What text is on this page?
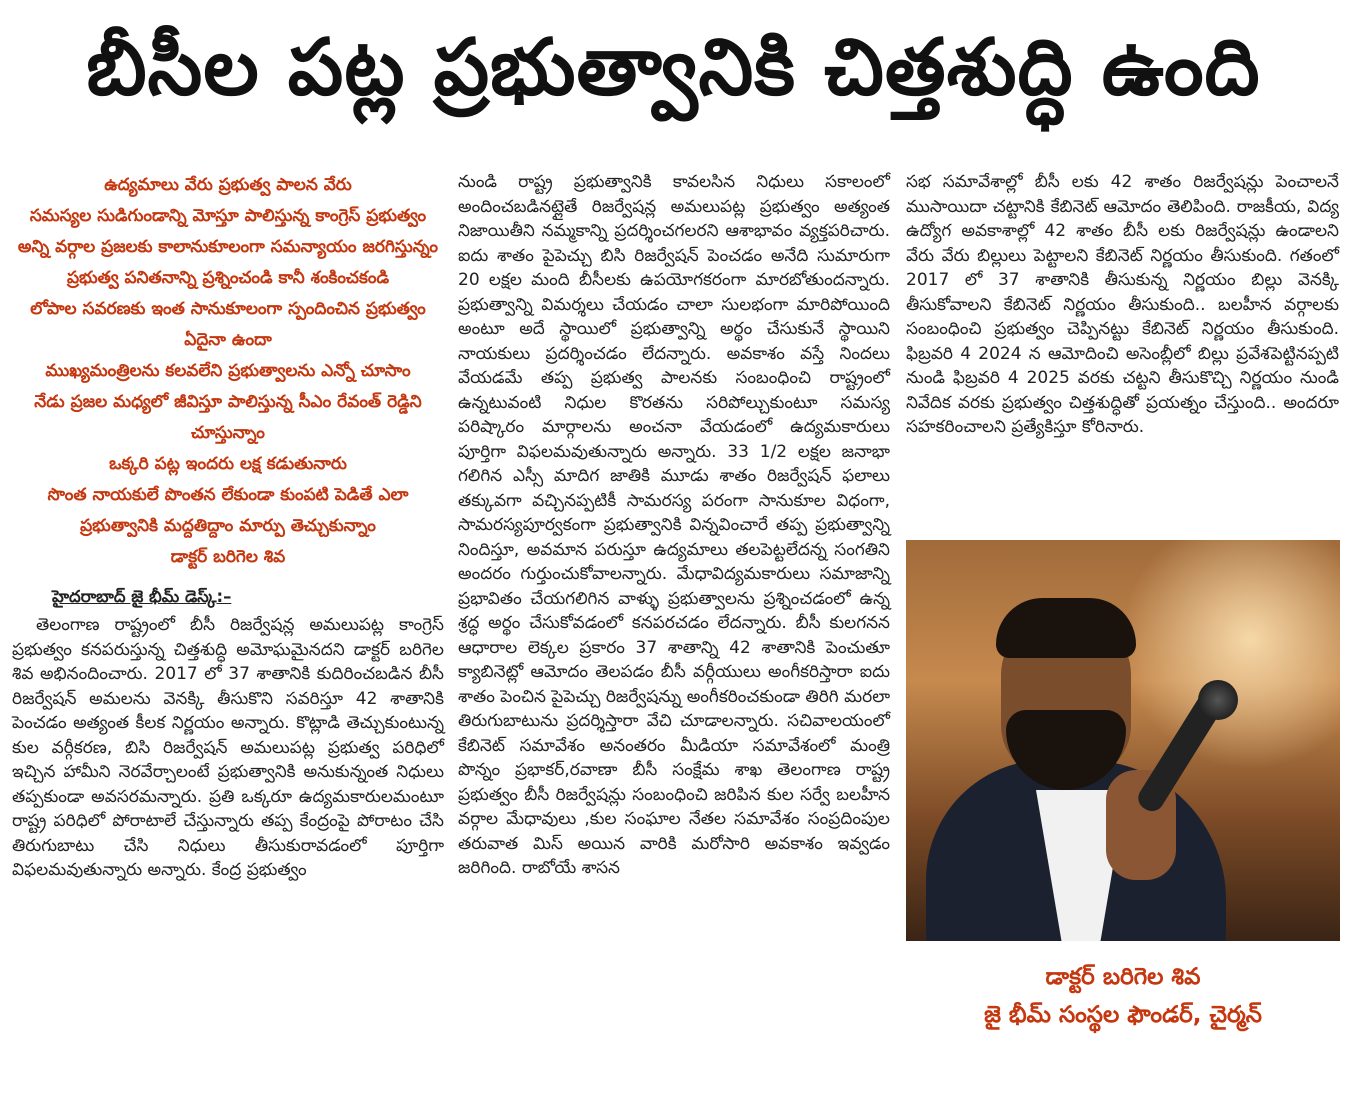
బీసీల పట్ల ప్రభుత్వానికి చిత్తశుద్ధి ఉంది

ఉద్యమాలు వేరు ప్రభుత్వ పాలన వేరు

సమస్యల సుడిగుండాన్ని మోస్తూ పాలిస్తున్న కాంగ్రెస్ ప్రభుత్వం

అన్ని వర్గాల ప్రజలకు కాలానుకూలంగా సమన్యాయం జరగిస్తున్నం

ప్రభుత్వ పనితనాన్ని ప్రశ్నించండి కానీ శంకించకండి

లోపాల సవరణకు ఇంత సానుకూలంగా స్పందించిన ప్రభుత్వం ఏదైనా ఉందా

ముఖ్యమంత్రిలను కలవలేని ప్రభుత్వాలను ఎన్నో చూసాం

నేడు ప్రజల మధ్యలో జీవిస్తూ పాలిస్తున్న సీఎం రేవంత్ రెడ్డిని చూస్తున్నాం

ఒక్కరి పట్ల ఇందరు లక్ష కడుతునారు

సొంత నాయకులే పొంతన లేకుండా కుంపటి పెడితే ఎలా

ప్రభుత్వానికి మద్దతిద్దాం మార్పు తెచ్చుకున్నాం

డాక్టర్ బరిగెల శివ

హైదరాబాద్ జై భీమ్ డెస్క్:–

తెలంగాణ రాష్ట్రంలో బీసీ రిజర్వేషన్ల అమలుపట్ల కాంగ్రెస్ ప్రభుత్వం కనపరుస్తున్న చిత్తశుద్ధి అమోఘమైనదని డాక్టర్ బరిగెల శివ అభినందించారు. 2017 లో 37 శాతానికి కుదిరించబడిన బీసీ రిజర్వేషన్ అమలను వెనక్కి తీసుకొని సవరిస్తూ 42 శాతానికి పెంచడం అత్యంత కీలక నిర్ణయం అన్నారు. కొట్లాడి తెచ్చుకుంటున్న కుల వర్గీకరణ, బిసి రిజర్వేషన్ అమలుపట్ల ప్రభుత్వ పరిధిలో ఇచ్చిన హామీని నెరవేర్చాలంటే ప్రభుత్వానికి అనుకున్నంత నిధులు తప్పకుండా అవసరమన్నారు. ప్రతి ఒక్కరూ ఉద్యమకారులమంటూ రాష్ట్ర పరిధిలో పోరాటాలే చేస్తున్నారు తప్ప కేంద్రంపై పోరాటం చేసి తిరుగుబాటు చేసి నిధులు తీసుకురావడంలో పూర్తిగా విఫలమవుతున్నారు అన్నారు. కేంద్ర ప్రభుత్వం

నుండి రాష్ట్ర ప్రభుత్వానికి కావలసిన నిధులు సకాలంలో అందించబడినట్లైతే రిజర్వేషన్ల అమలుపట్ల ప్రభుత్వం అత్యంత నిజాయితీని నమ్మకాన్ని ప్రదర్శించగలరని ఆశాభావం వ్యక్తపరిచారు. ఐదు శాతం పైపెచ్చు బిసి రిజర్వేషన్ పెంచడం అనేది సుమారుగా 20 లక్షల మంది బీసీలకు ఉపయోగకరంగా మారబోతుందన్నారు. ప్రభుత్వాన్ని విమర్శలు చేయడం చాలా సులభంగా మారిపోయింది అంటూ అదే స్థాయిలో ప్రభుత్వాన్ని అర్థం చేసుకునే స్థాయిని నాయకులు ప్రదర్శించడం లేదన్నారు. అవకాశం వస్తే నిందలు వేయడమే తప్ప ప్రభుత్వ పాలనకు సంబంధించి రాష్ట్రంలో ఉన్నటువంటి నిధుల కొరతను సరిపోల్చుకుంటూ సమస్య పరిష్కారం మార్గాలను అంచనా వేయడంలో ఉద్యమకారులు పూర్తిగా విఫలమవుతున్నారు అన్నారు. 33 1/2 లక్షల జనాభా గలిగిన ఎస్సీ మాదిగ జాతికి మూడు శాతం రిజర్వేషన్ ఫలాలు తక్కువగా వచ్చినప్పటికీ సామరస్య పరంగా సానుకూల విధంగా, సామరస్యపూర్వకంగా ప్రభుత్వానికి విన్నవించారే తప్ప ప్రభుత్వాన్ని నిందిస్తూ, అవమాన పరుస్తూ ఉద్యమాలు తలపెట్టలేదన్న సంగతిని అందరం గుర్తుంచుకోవాలన్నారు. మేధావిద్యమకారులు సమాజాన్ని ప్రభావితం చేయగలిగిన వాళ్ళు ప్రభుత్వాలను ప్రశ్నించడంలో ఉన్న శ్రద్ధ అర్థం చేసుకోవడంలో కనపరచడం లేదన్నారు. బీసీ కులగనన ఆధారాల లెక్కల ప్రకారం 37 శాతాన్ని 42 శాతానికి పెంచుతూ క్యాబినెట్లో ఆమోదం తెలపడం బీసీ వర్గీయులు అంగీకరిస్తారా ఐదు శాతం పెంచిన పైపెచ్చు రిజర్వేషన్ను అంగీకరించకుండా తిరిగి మరలా తిరుగుబాటును ప్రదర్శిస్తారా వేచి చూడాలన్నారు. సచివాలయంలో కేబినెట్ సమావేశం అనంతరం మీడియా సమావేశంలో మంత్రి పొన్నం ప్రభాకర్,రవాణా బీసీ సంక్షేమ శాఖ తెలంగాణ రాష్ట్ర ప్రభుత్వం బీసీ రిజర్వేషన్లు సంబంధించి జరిపిన కుల సర్వే బలహీన వర్గాల మేధావులు ,కుల సంఘాల నేతల సమావేశం సంప్రదింపుల తరువాత మిస్ అయిన వారికి మరోసారి అవకాశం ఇవ్వడం జరిగింది. రాబోయే శాసన

సభ సమావేశాల్లో బీసీ లకు 42 శాతం రిజర్వేషన్లు పెంచాలనే ముసాయిదా చట్టానికి కేబినెట్ ఆమోదం తెలిపింది. రాజకీయ, విద్య ఉద్యోగ అవకాశాల్లో 42 శాతం బీసీ లకు రిజర్వేషన్లు ఉండాలని వేరు వేరు బిల్లులు పెట్టాలని కేబినెట్ నిర్ణయం తీసుకుంది. గతంలో 2017 లో 37 శాతానికి తీసుకున్న నిర్ణయం బిల్లు వెనక్కి తీసుకోవాలని కేబినెట్ నిర్ణయం తీసుకుంది.. బలహీన వర్గాలకు సంబంధించి ప్రభుత్వం చెప్పినట్టు కేబినెట్ నిర్ణయం తీసుకుంది. ఫిబ్రవరి 4 2024 న ఆమోదించి అసెంబ్లీలో బిల్లు ప్రవేశపెట్టినప్పటి నుండి ఫిబ్రవరి 4 2025 వరకు చట్టని తీసుకొచ్చి నిర్ణయం నుండి నివేదిక వరకు ప్రభుత్వం చిత్తశుద్ధితో ప్రయత్నం చేస్తుంది.. అందరూ సహకరించాలని ప్రత్యేకిస్తూ కోరినారు.

డాక్టర్ బరిగెల శివ
జై భీమ్ సంస్థల ఫౌండర్, చైర్మన్
